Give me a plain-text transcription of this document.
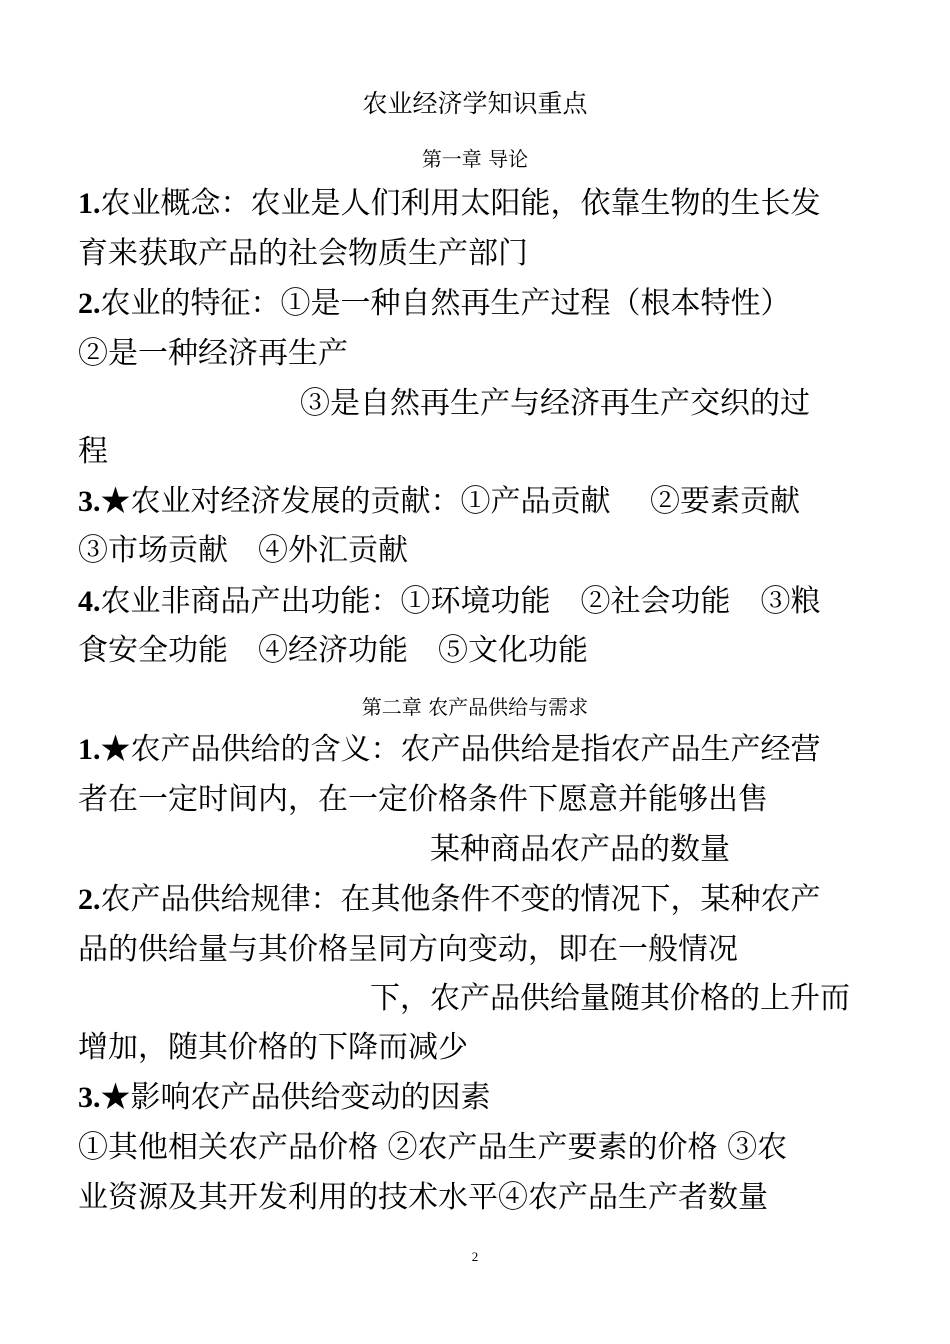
农业经济学知识重点
第一章 导论
1.农业概念：农业是人们利用太阳能，依靠生物的生长发
育来获取产品的社会物质生产部门
2.农业的特征：①是一种自然再生产过程（根本特性）
②是一种经济再生产
③是自然再生产与经济再生产交织的过
程
3.★农业对经济发展的贡献：①产品贡献　 ②要素贡献
③市场贡献　④外汇贡献
4.农业非商品产出功能：①环境功能　②社会功能　③粮
食安全功能　④经济功能　⑤文化功能
第二章 农产品供给与需求
1.★农产品供给的含义：农产品供给是指农产品生产经营
者在一定时间内，在一定价格条件下愿意并能够出售
某种商品农产品的数量
2.农产品供给规律：在其他条件不变的情况下，某种农产
品的供给量与其价格呈同方向变动，即在一般情况
下，农产品供给量随其价格的上升而
增加，随其价格的下降而减少
3.★影响农产品供给变动的因素
①其他相关农产品价格 ②农产品生产要素的价格 ③农
业资源及其开发利用的技术水平④农产品生产者数量
2
